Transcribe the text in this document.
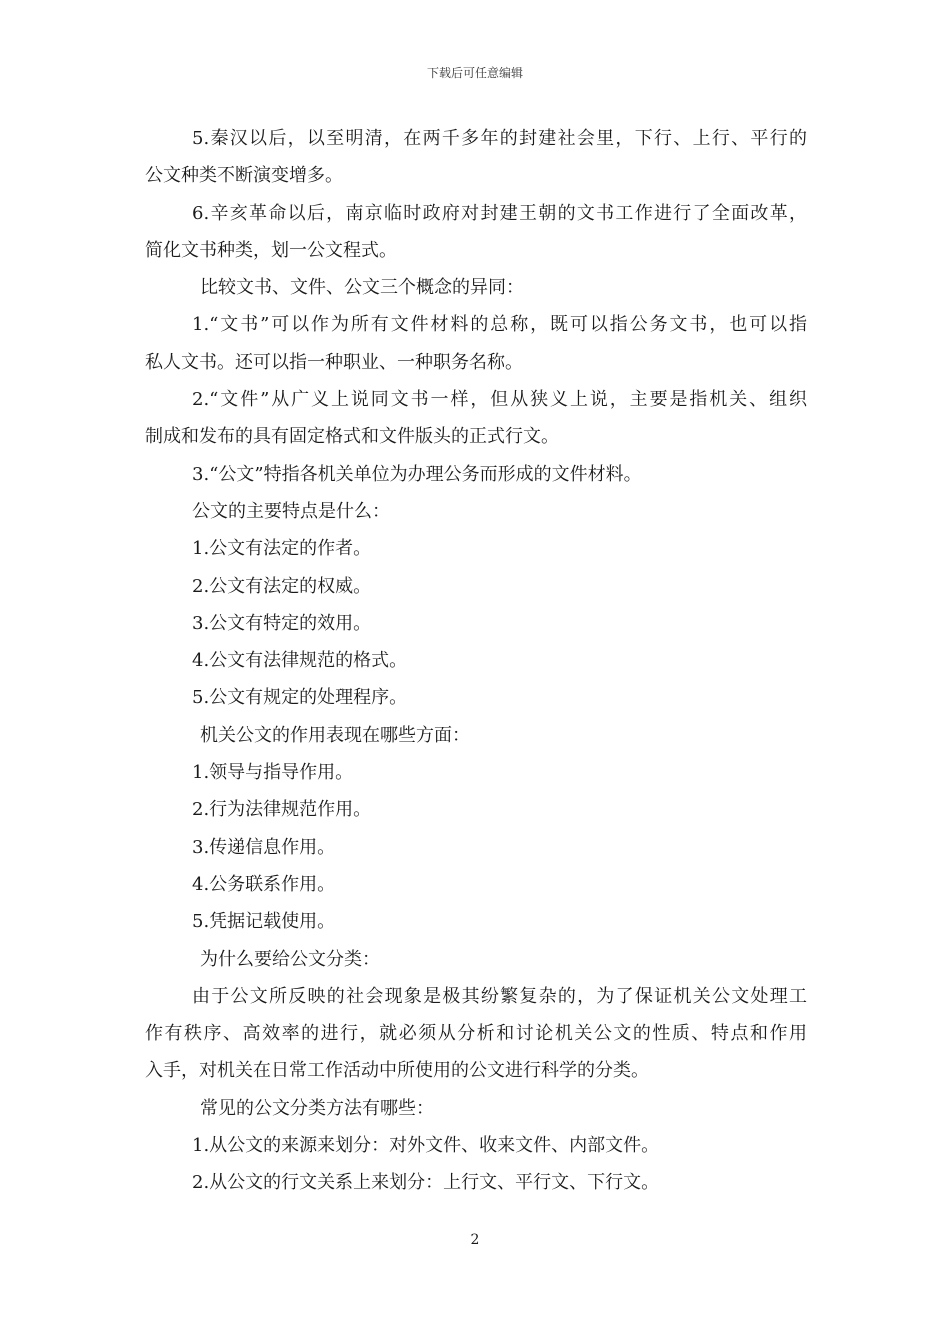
下载后可任意编辑
5.秦汉以后，以至明清，在两千多年的封建社会里，下行、上行、平行的
公文种类不断演变增多。
6.辛亥革命以后，南京临时政府对封建王朝的文书工作进行了全面改革，
简化文书种类，划一公文程式。
比较文书、文件、公文三个概念的异同：
1.“文书”可以作为所有文件材料的总称，既可以指公务文书，也可以指
私人文书。还可以指一种职业、一种职务名称。
2.“文件”从广义上说同文书一样，但从狭义上说，主要是指机关、组织
制成和发布的具有固定格式和文件版头的正式行文。
3.“公文”特指各机关单位为办理公务而形成的文件材料。
公文的主要特点是什么：
1.公文有法定的作者。
2.公文有法定的权威。
3.公文有特定的效用。
4.公文有法律规范的格式。
5.公文有规定的处理程序。
机关公文的作用表现在哪些方面：
1.领导与指导作用。
2.行为法律规范作用。
3.传递信息作用。
4.公务联系作用。
5.凭据记载使用。
为什么要给公文分类：
由于公文所反映的社会现象是极其纷繁复杂的，为了保证机关公文处理工
作有秩序、高效率的进行，就必须从分析和讨论机关公文的性质、特点和作用
入手，对机关在日常工作活动中所使用的公文进行科学的分类。
常见的公文分类方法有哪些：
1.从公文的来源来划分：对外文件、收来文件、内部文件。
2.从公文的行文关系上来划分：上行文、平行文、下行文。
2
